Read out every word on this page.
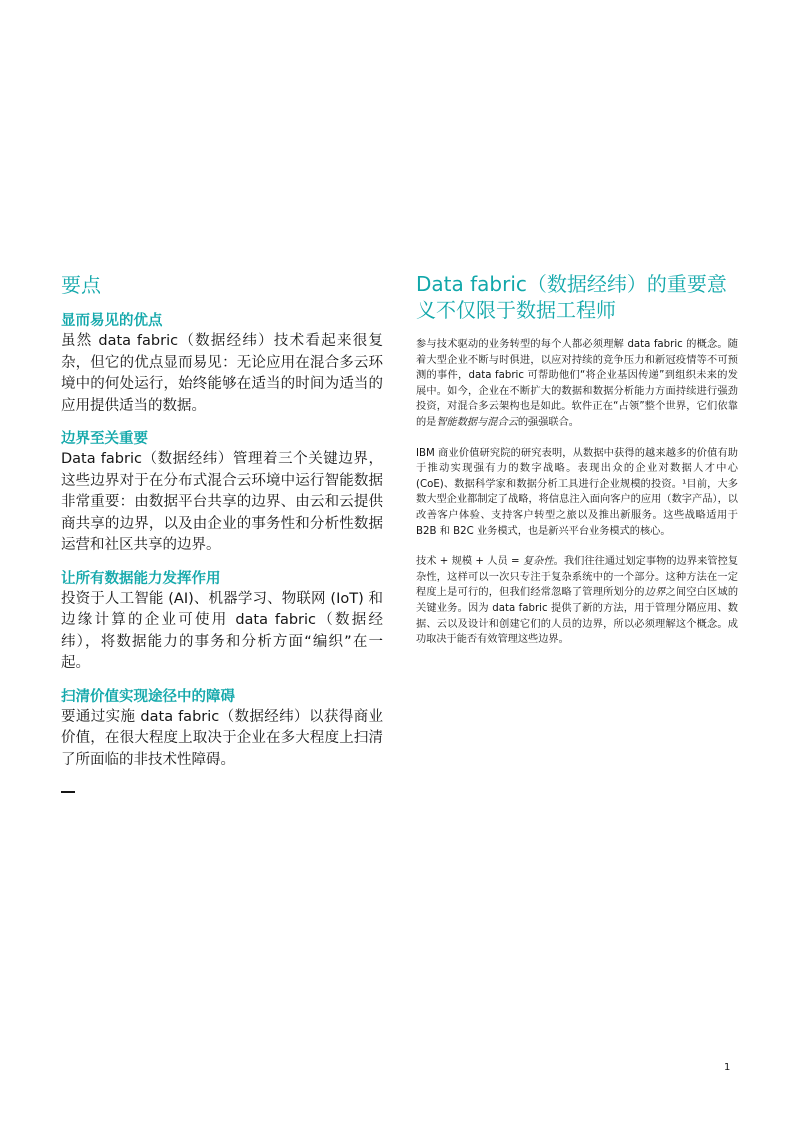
要点

显而易见的优点

虽然 data fabric（数据经纬）技术看起来很复杂，但它的优点显而易见：无论应用在混合多云环境中的何处运行，始终能够在适当的时间为适当的应用提供适当的数据。

边界至关重要

Data fabric（数据经纬）管理着三个关键边界，这些边界对于在分布式混合云环境中运行智能数据非常重要：由数据平台共享的边界、由云和云提供商共享的边界，以及由企业的事务性和分析性数据运营和社区共享的边界。

让所有数据能力发挥作用

投资于人工智能 (AI)、机器学习、物联网 (IoT) 和边缘计算的企业可使用 data fabric（数据经纬），将数据能力的事务和分析方面“编织”在一起。

扫清价值实现途径中的障碍

要通过实施 data fabric（数据经纬）以获得商业价值，在很大程度上取决于企业在多大程度上扫清了所面临的非技术性障碍。

Data fabric（数据经纬）的重要意义不仅限于数据工程师

参与技术驱动的业务转型的每个人都必须理解 data fabric 的概念。随着大型企业不断与时俱进，以应对持续的竞争压力和新冠疫情等不可预测的事件，data fabric 可帮助他们“将企业基因传递”到组织未来的发展中。如今，企业在不断扩大的数据和数据分析能力方面持续进行强劲投资，对混合多云架构也是如此。软件正在“占领”整个世界，它们依靠的是智能数据与混合云的强强联合。

IBM 商业价值研究院的研究表明，从数据中获得的越来越多的价值有助于推动实现强有力的数字战略。表现出众的企业对数据人才中心 (CoE)、数据科学家和数据分析工具进行企业规模的投资。¹目前，大多数大型企业都制定了战略，将信息注入面向客户的应用（数字产品），以改善客户体验、支持客户转型之旅以及推出新服务。这些战略适用于 B2B 和 B2C 业务模式，也是新兴平台业务模式的核心。

技术 + 规模 + 人员 = 复杂性。我们往往通过划定事物的边界来管控复杂性，这样可以一次只专注于复杂系统中的一个部分。这种方法在一定程度上是可行的，但我们经常忽略了管理所划分的边界之间空白区域的关键业务。因为 data fabric 提供了新的方法，用于管理分隔应用、数据、云以及设计和创建它们的人员的边界，所以必须理解这个概念。成功取决于能否有效管理这些边界。

1
